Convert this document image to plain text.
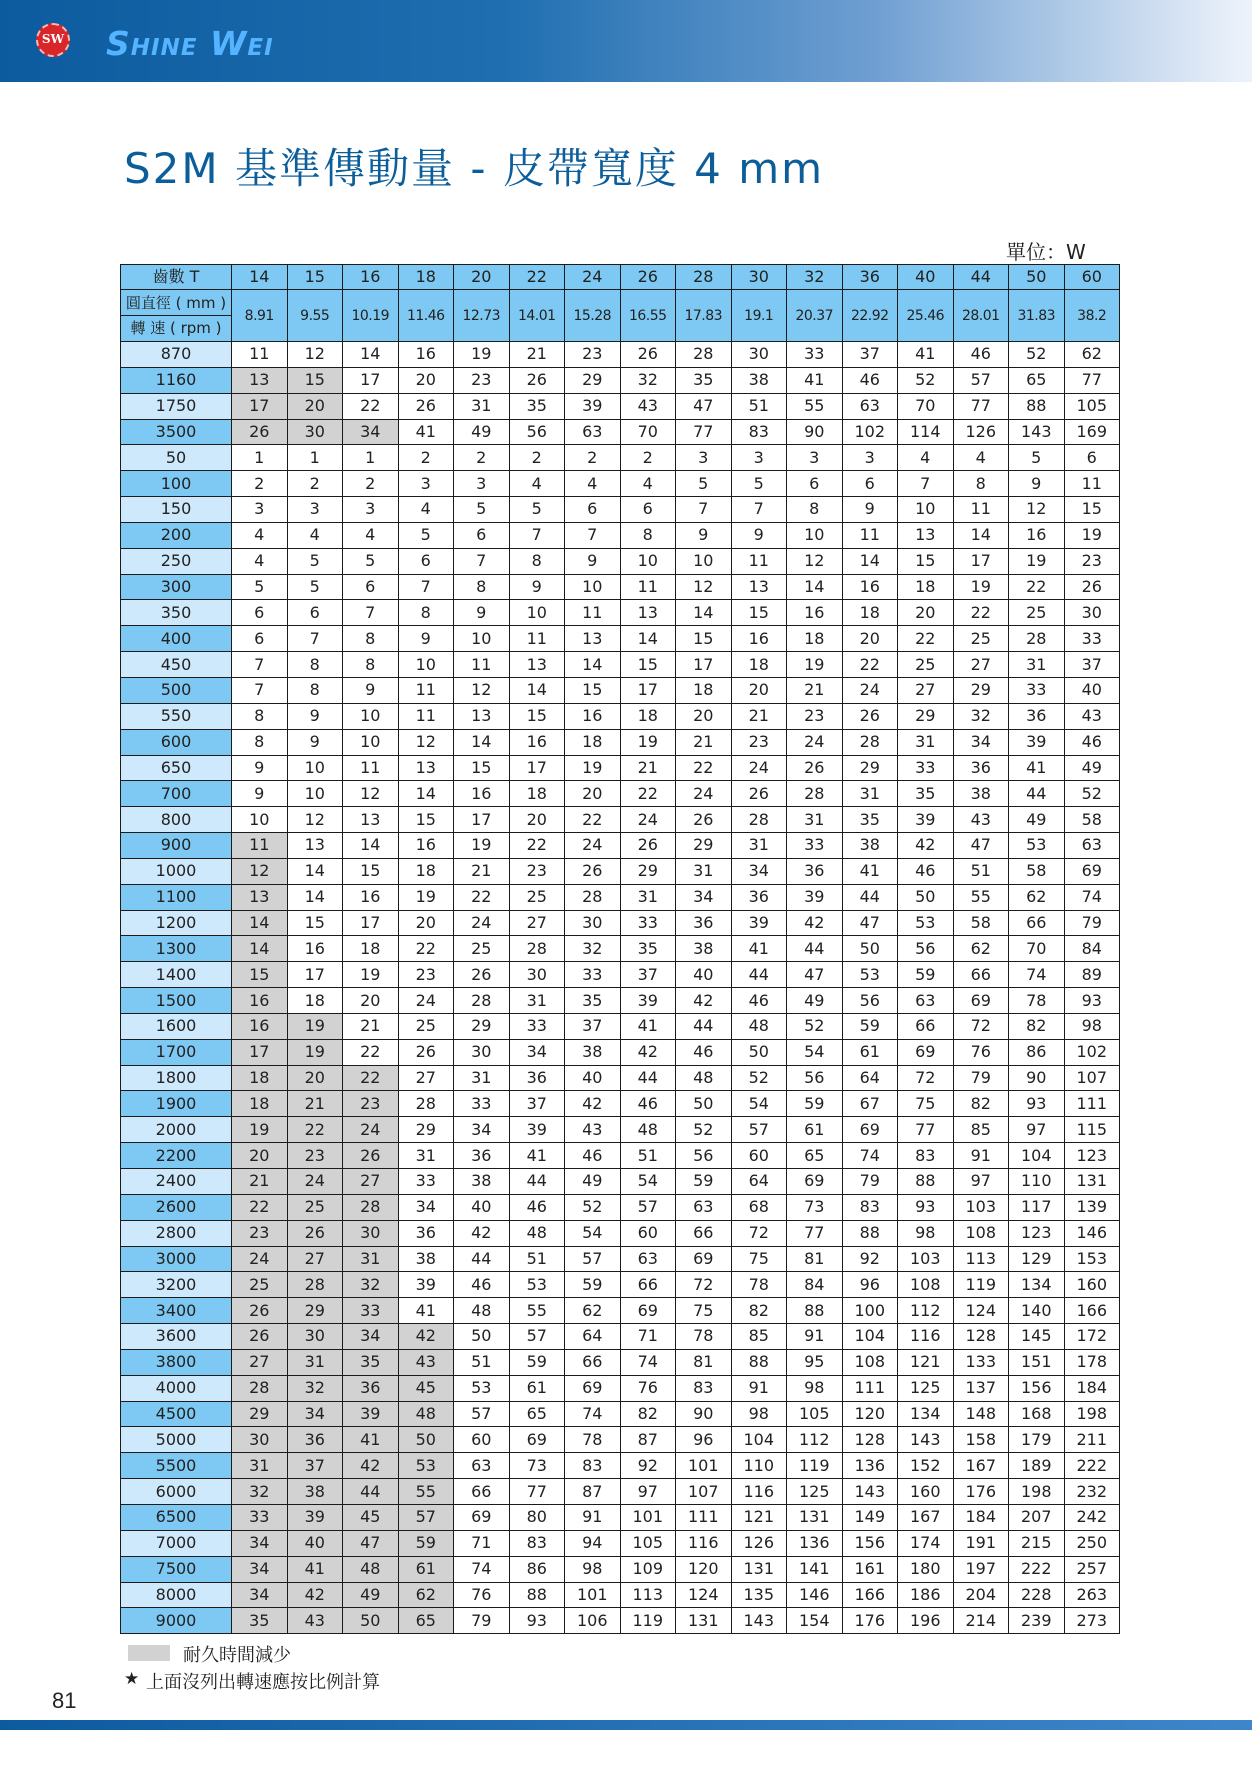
SW Shine Wei
S2M 基準傳動量 - 皮帶寬度 4 mm
單位：W
齒數 T	14	15	16	18	20	22	24	26	28	30	32	36	40	44	50	60

圓直徑 ( mm )
轉 速 ( rpm )	8.91	9.55	10.19	11.46	12.73	14.01	15.28	16.55	17.83	19.1	20.37	22.92	25.46	28.01	31.83	38.2
870	11	12	14	16	19	21	23	26	28	30	33	37	41	46	52	62
1160	13	15	17	20	23	26	29	32	35	38	41	46	52	57	65	77
1750	17	20	22	26	31	35	39	43	47	51	55	63	70	77	88	105
3500	26	30	34	41	49	56	63	70	77	83	90	102	114	126	143	169
50	1	1	1	2	2	2	2	2	3	3	3	3	4	4	5	6
100	2	2	2	3	3	4	4	4	5	5	6	6	7	8	9	11
150	3	3	3	4	5	5	6	6	7	7	8	9	10	11	12	15
200	4	4	4	5	6	7	7	8	9	9	10	11	13	14	16	19
250	4	5	5	6	7	8	9	10	10	11	12	14	15	17	19	23
300	5	5	6	7	8	9	10	11	12	13	14	16	18	19	22	26
350	6	6	7	8	9	10	11	13	14	15	16	18	20	22	25	30
400	6	7	8	9	10	11	13	14	15	16	18	20	22	25	28	33
450	7	8	8	10	11	13	14	15	17	18	19	22	25	27	31	37
500	7	8	9	11	12	14	15	17	18	20	21	24	27	29	33	40
550	8	9	10	11	13	15	16	18	20	21	23	26	29	32	36	43
600	8	9	10	12	14	16	18	19	21	23	24	28	31	34	39	46
650	9	10	11	13	15	17	19	21	22	24	26	29	33	36	41	49
700	9	10	12	14	16	18	20	22	24	26	28	31	35	38	44	52
800	10	12	13	15	17	20	22	24	26	28	31	35	39	43	49	58
900	11	13	14	16	19	22	24	26	29	31	33	38	42	47	53	63
1000	12	14	15	18	21	23	26	29	31	34	36	41	46	51	58	69
1100	13	14	16	19	22	25	28	31	34	36	39	44	50	55	62	74
1200	14	15	17	20	24	27	30	33	36	39	42	47	53	58	66	79
1300	14	16	18	22	25	28	32	35	38	41	44	50	56	62	70	84
1400	15	17	19	23	26	30	33	37	40	44	47	53	59	66	74	89
1500	16	18	20	24	28	31	35	39	42	46	49	56	63	69	78	93
1600	16	19	21	25	29	33	37	41	44	48	52	59	66	72	82	98
1700	17	19	22	26	30	34	38	42	46	50	54	61	69	76	86	102
1800	18	20	22	27	31	36	40	44	48	52	56	64	72	79	90	107
1900	18	21	23	28	33	37	42	46	50	54	59	67	75	82	93	111
2000	19	22	24	29	34	39	43	48	52	57	61	69	77	85	97	115
2200	20	23	26	31	36	41	46	51	56	60	65	74	83	91	104	123
2400	21	24	27	33	38	44	49	54	59	64	69	79	88	97	110	131
2600	22	25	28	34	40	46	52	57	63	68	73	83	93	103	117	139
2800	23	26	30	36	42	48	54	60	66	72	77	88	98	108	123	146
3000	24	27	31	38	44	51	57	63	69	75	81	92	103	113	129	153
3200	25	28	32	39	46	53	59	66	72	78	84	96	108	119	134	160
3400	26	29	33	41	48	55	62	69	75	82	88	100	112	124	140	166
3600	26	30	34	42	50	57	64	71	78	85	91	104	116	128	145	172
3800	27	31	35	43	51	59	66	74	81	88	95	108	121	133	151	178
4000	28	32	36	45	53	61	69	76	83	91	98	111	125	137	156	184
4500	29	34	39	48	57	65	74	82	90	98	105	120	134	148	168	198
5000	30	36	41	50	60	69	78	87	96	104	112	128	143	158	179	211
5500	31	37	42	53	63	73	83	92	101	110	119	136	152	167	189	222
6000	32	38	44	55	66	77	87	97	107	116	125	143	160	176	198	232
6500	33	39	45	57	69	80	91	101	111	121	131	149	167	184	207	242
7000	34	40	47	59	71	83	94	105	116	126	136	156	174	191	215	250
7500	34	41	48	61	74	86	98	109	120	131	141	161	180	197	222	257
8000	34	42	49	62	76	88	101	113	124	135	146	166	186	204	228	263
9000	35	43	50	65	79	93	106	119	131	143	154	176	196	214	239	273
耐久時間減少
★ 上面沒列出轉速應按比例計算
81
